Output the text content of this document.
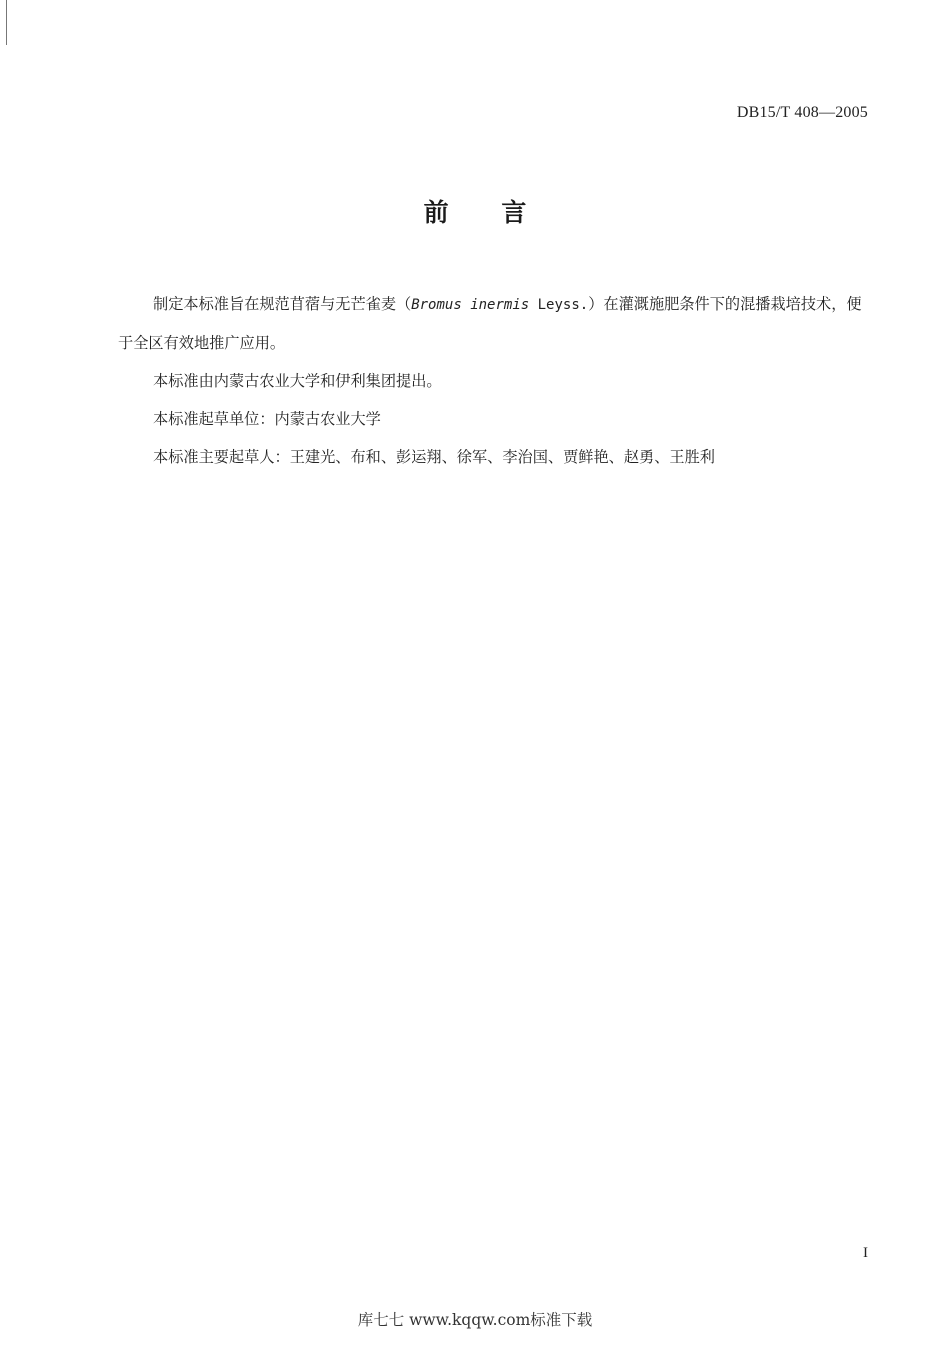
DB15/T 408—2005
前 言

制定本标准旨在规范苜蓿与无芒雀麦（Bromus inermis Leyss.）在灌溉施肥条件下的混播栽培技术，便于全区有效地推广应用。

本标准由内蒙古农业大学和伊利集团提出。

本标准起草单位：内蒙古农业大学

本标准主要起草人：王建光、布和、彭运翔、徐军、李治国、贾鲜艳、赵勇、王胜利

I
库七七 www.kqqw.com标准下载
